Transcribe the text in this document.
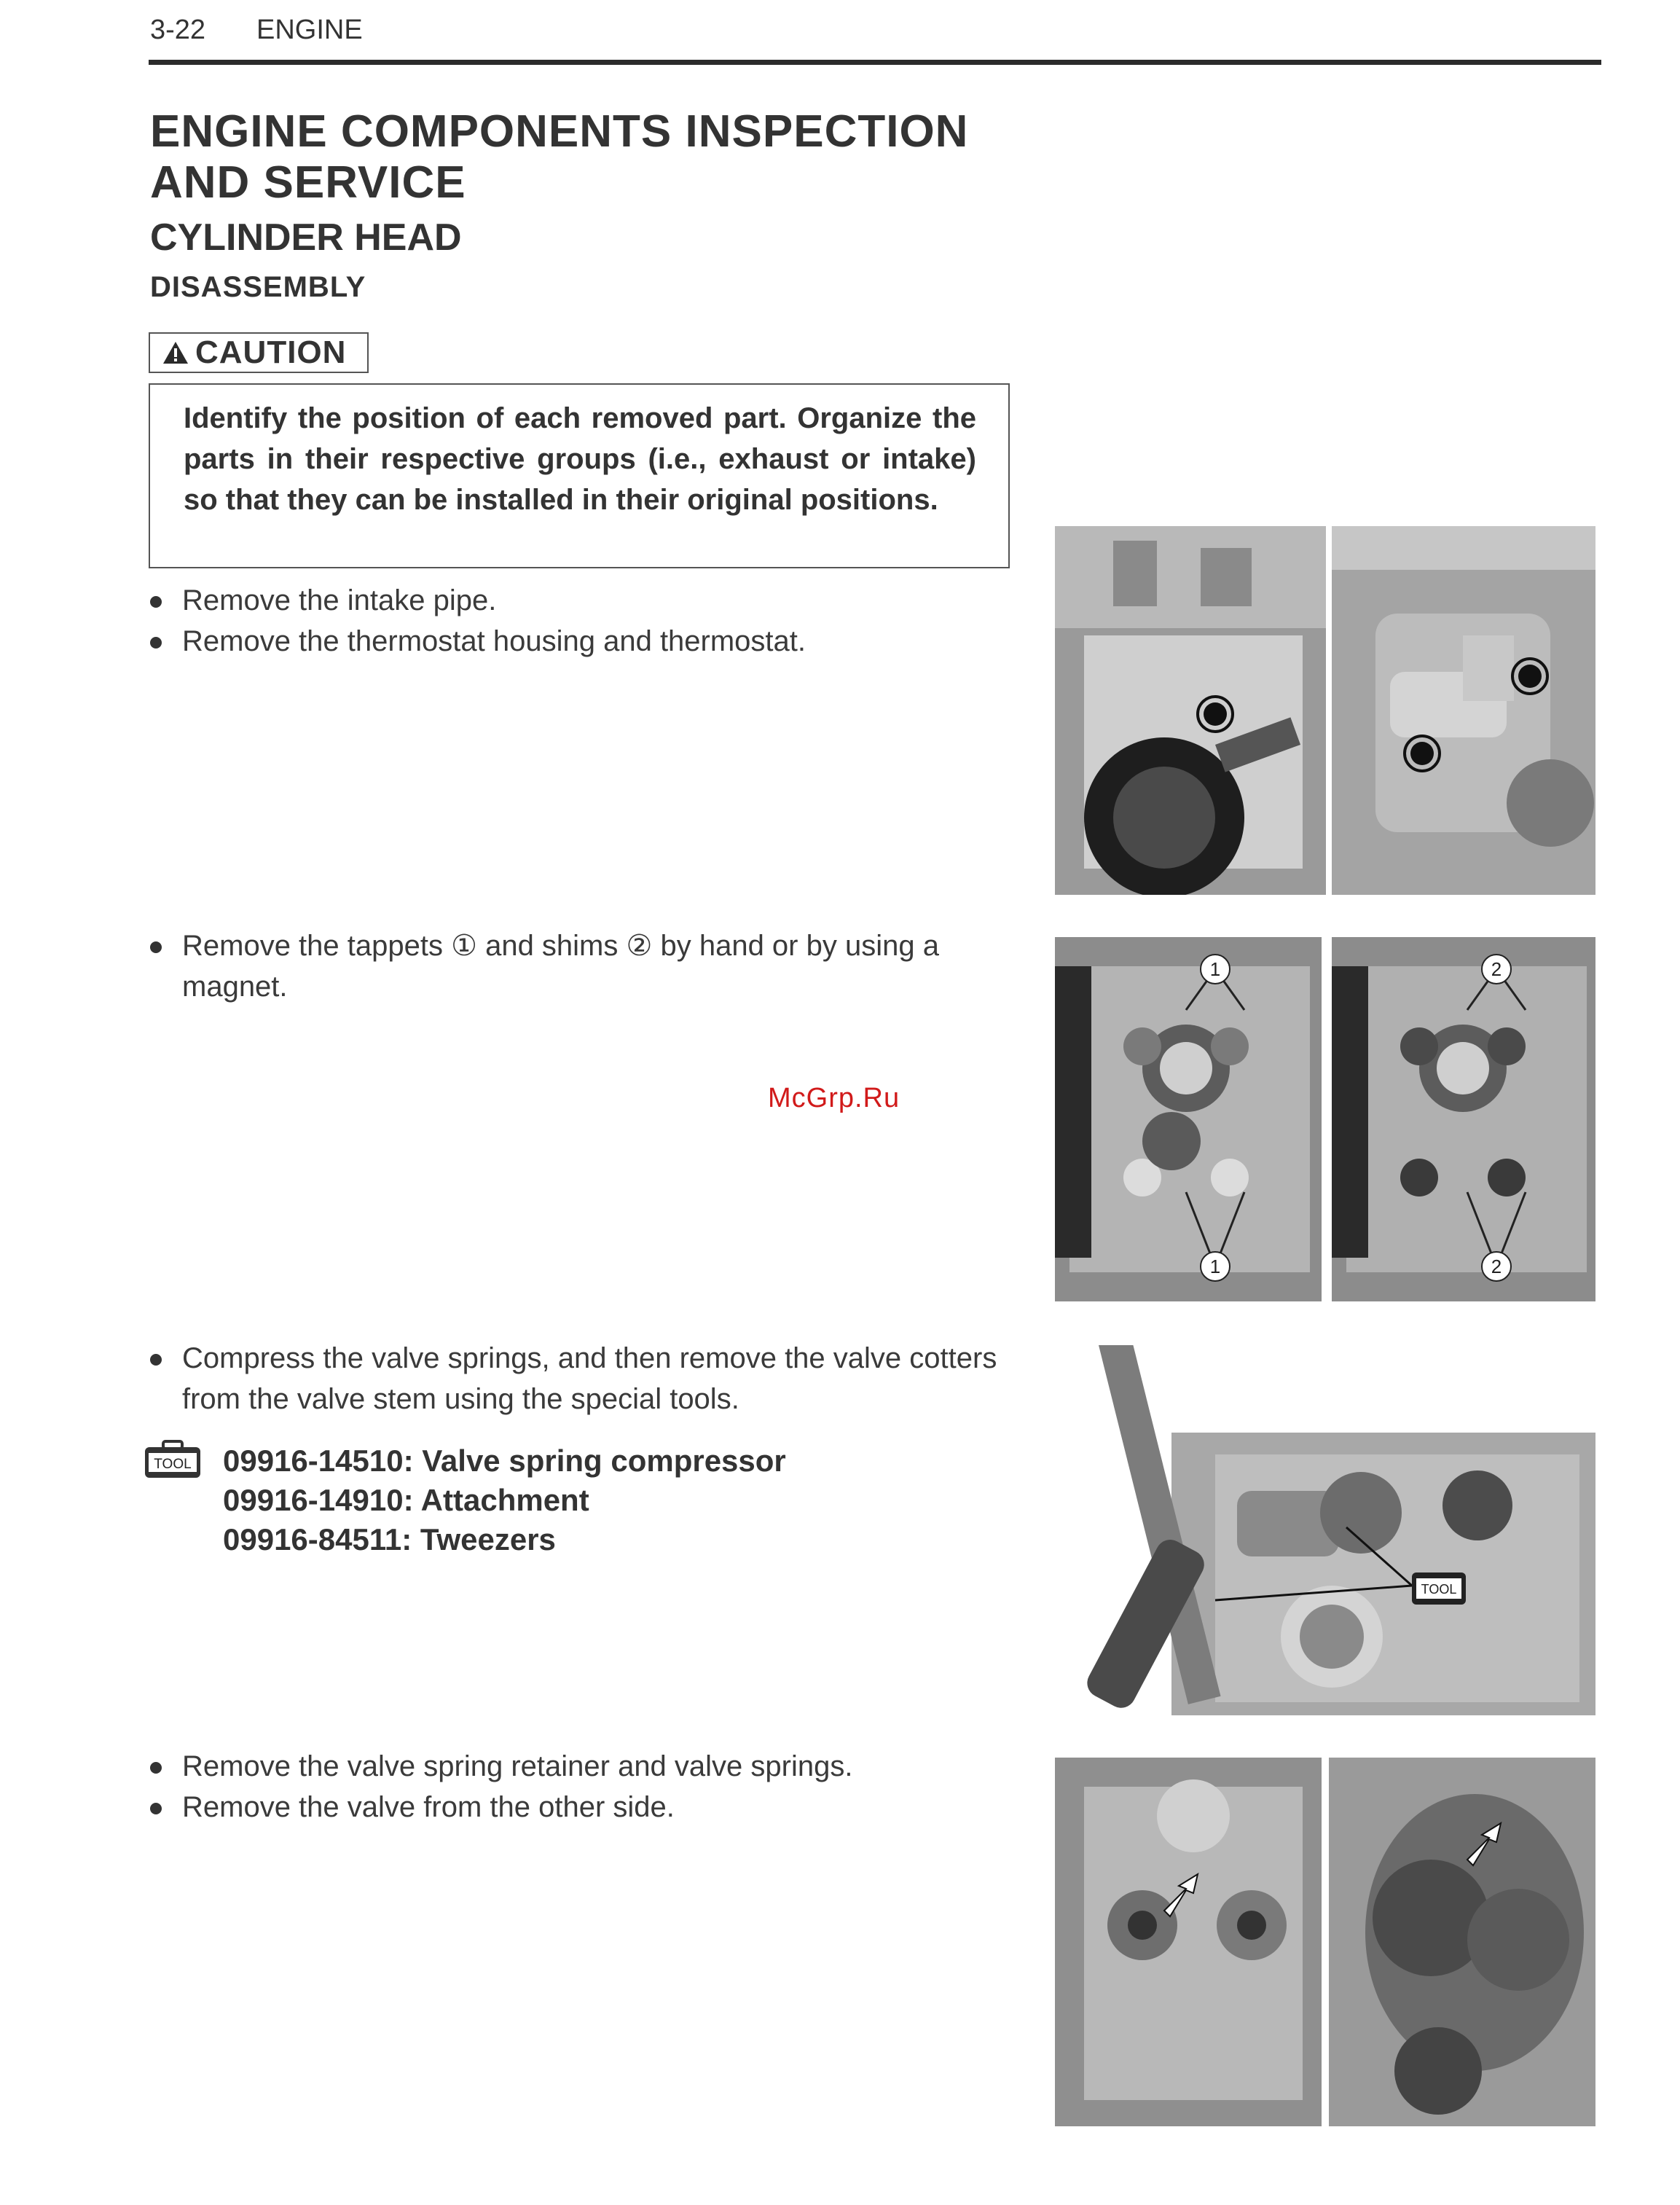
3-22 ENGINE
ENGINE COMPONENTS INSPECTION AND SERVICE
CYLINDER HEAD
DISASSEMBLY
CAUTION
Identify the position of each removed part. Organize the parts in their respective groups (i.e., exhaust or intake) so that they can be installed in their original positions.
Remove the intake pipe.
Remove the thermostat housing and thermostat.
Remove the tappets ① and shims ② by hand or by using a magnet.
Compress the valve springs, and then remove the valve cotters from the valve stem using the special tools.
Remove the valve spring retainer and valve springs.
Remove the valve from the other side.
TOOL 09916-14510: Valve spring compressor
09916-14910: Attachment
09916-84511: Tweezers
McGrp.Ru
1
1
2
2
TOOL
